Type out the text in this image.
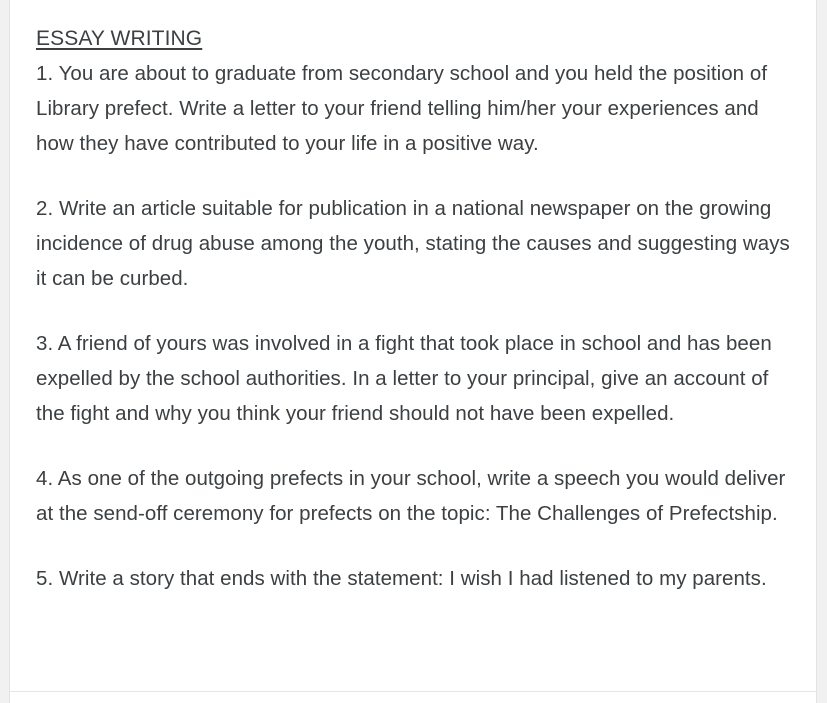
ESSAY WRITING

1. You are about to graduate from secondary school and you held the position of Library prefect. Write a letter to your friend telling him/her your experiences and how they have contributed to your life in a positive way.

2. Write an article suitable for publication in a national newspaper on the growing incidence of drug abuse among the youth, stating the causes and suggesting ways it can be curbed.

3. A friend of yours was involved in a fight that took place in school and has been expelled by the school authorities. In a letter to your principal, give an account of the fight and why you think your friend should not have been expelled.

4. As one of the outgoing prefects in your school, write a speech you would deliver at the send-off ceremony for prefects on the topic: The Challenges of Prefectship.

5. Write a story that ends with the statement: I wish I had listened to my parents.
